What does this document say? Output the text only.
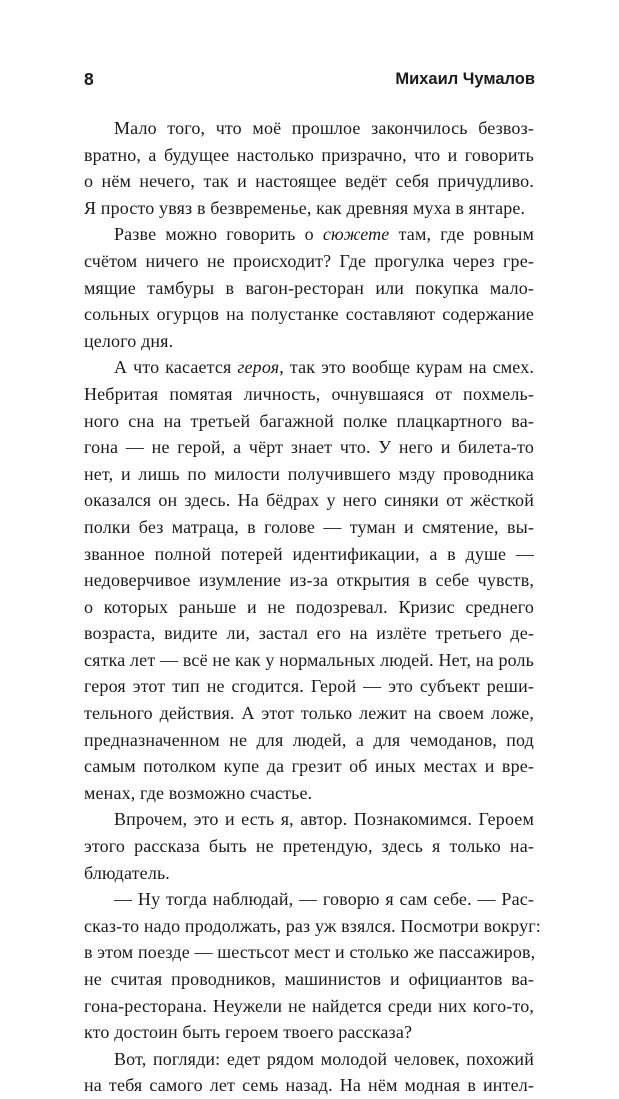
8	Михаил Чумалов

Мало того, что моё прошлое закончилось безвоз-
вратно, а будущее настолько призрачно, что и говорить
о нём нечего, так и настоящее ведёт себя причудливо.
Я просто увяз в безвременье, как древняя муха в янтаре.

Разве можно говорить о сюжете там, где ровным
счётом ничего не происходит? Где прогулка через гре-
мящие тамбуры в вагон-ресторан или покупка мало-
сольных огурцов на полустанке составляют содержание
целого дня.

А что касается героя, так это вообще курам на смех.
Небритая помятая личность, очнувшаяся от похмель-
ного сна на третьей багажной полке плацкартного ва-
гона — не герой, а чёрт знает что. У него и билета-то
нет, и лишь по милости получившего мзду проводника
оказался он здесь. На бёдрах у него синяки от жёсткой
полки без матраца, в голове — туман и смятение, вы-
званное полной потерей идентификации, а в душе —
недоверчивое изумление из-за открытия в себе чувств,
о которых раньше и не подозревал. Кризис среднего
возраста, видите ли, застал его на излёте третьего де-
сятка лет — всё не как у нормальных людей. Нет, на роль
героя этот тип не сгодится. Герой — это субъект реши-
тельного действия. А этот только лежит на своем ложе,
предназначенном не для людей, а для чемоданов, под
самым потолком купе да грезит об иных местах и вре-
менах, где возможно счастье.

Впрочем, это и есть я, автор. Познакомимся. Героем
этого рассказа быть не претендую, здесь я только на-
блюдатель.

— Ну тогда наблюдай, — говорю я сам себе. — Рас-
сказ-то надо продолжать, раз уж взялся. Посмотри вокруг:
в этом поезде — шестьсот мест и столько же пассажиров,
не считая проводников, машинистов и официантов ва-
гона-ресторана. Неужели не найдется среди них кого-то,
кто достоин быть героем твоего рассказа?

Вот, погляди: едет рядом молодой человек, похожий
на тебя самого лет семь назад. На нём модная в интел-
